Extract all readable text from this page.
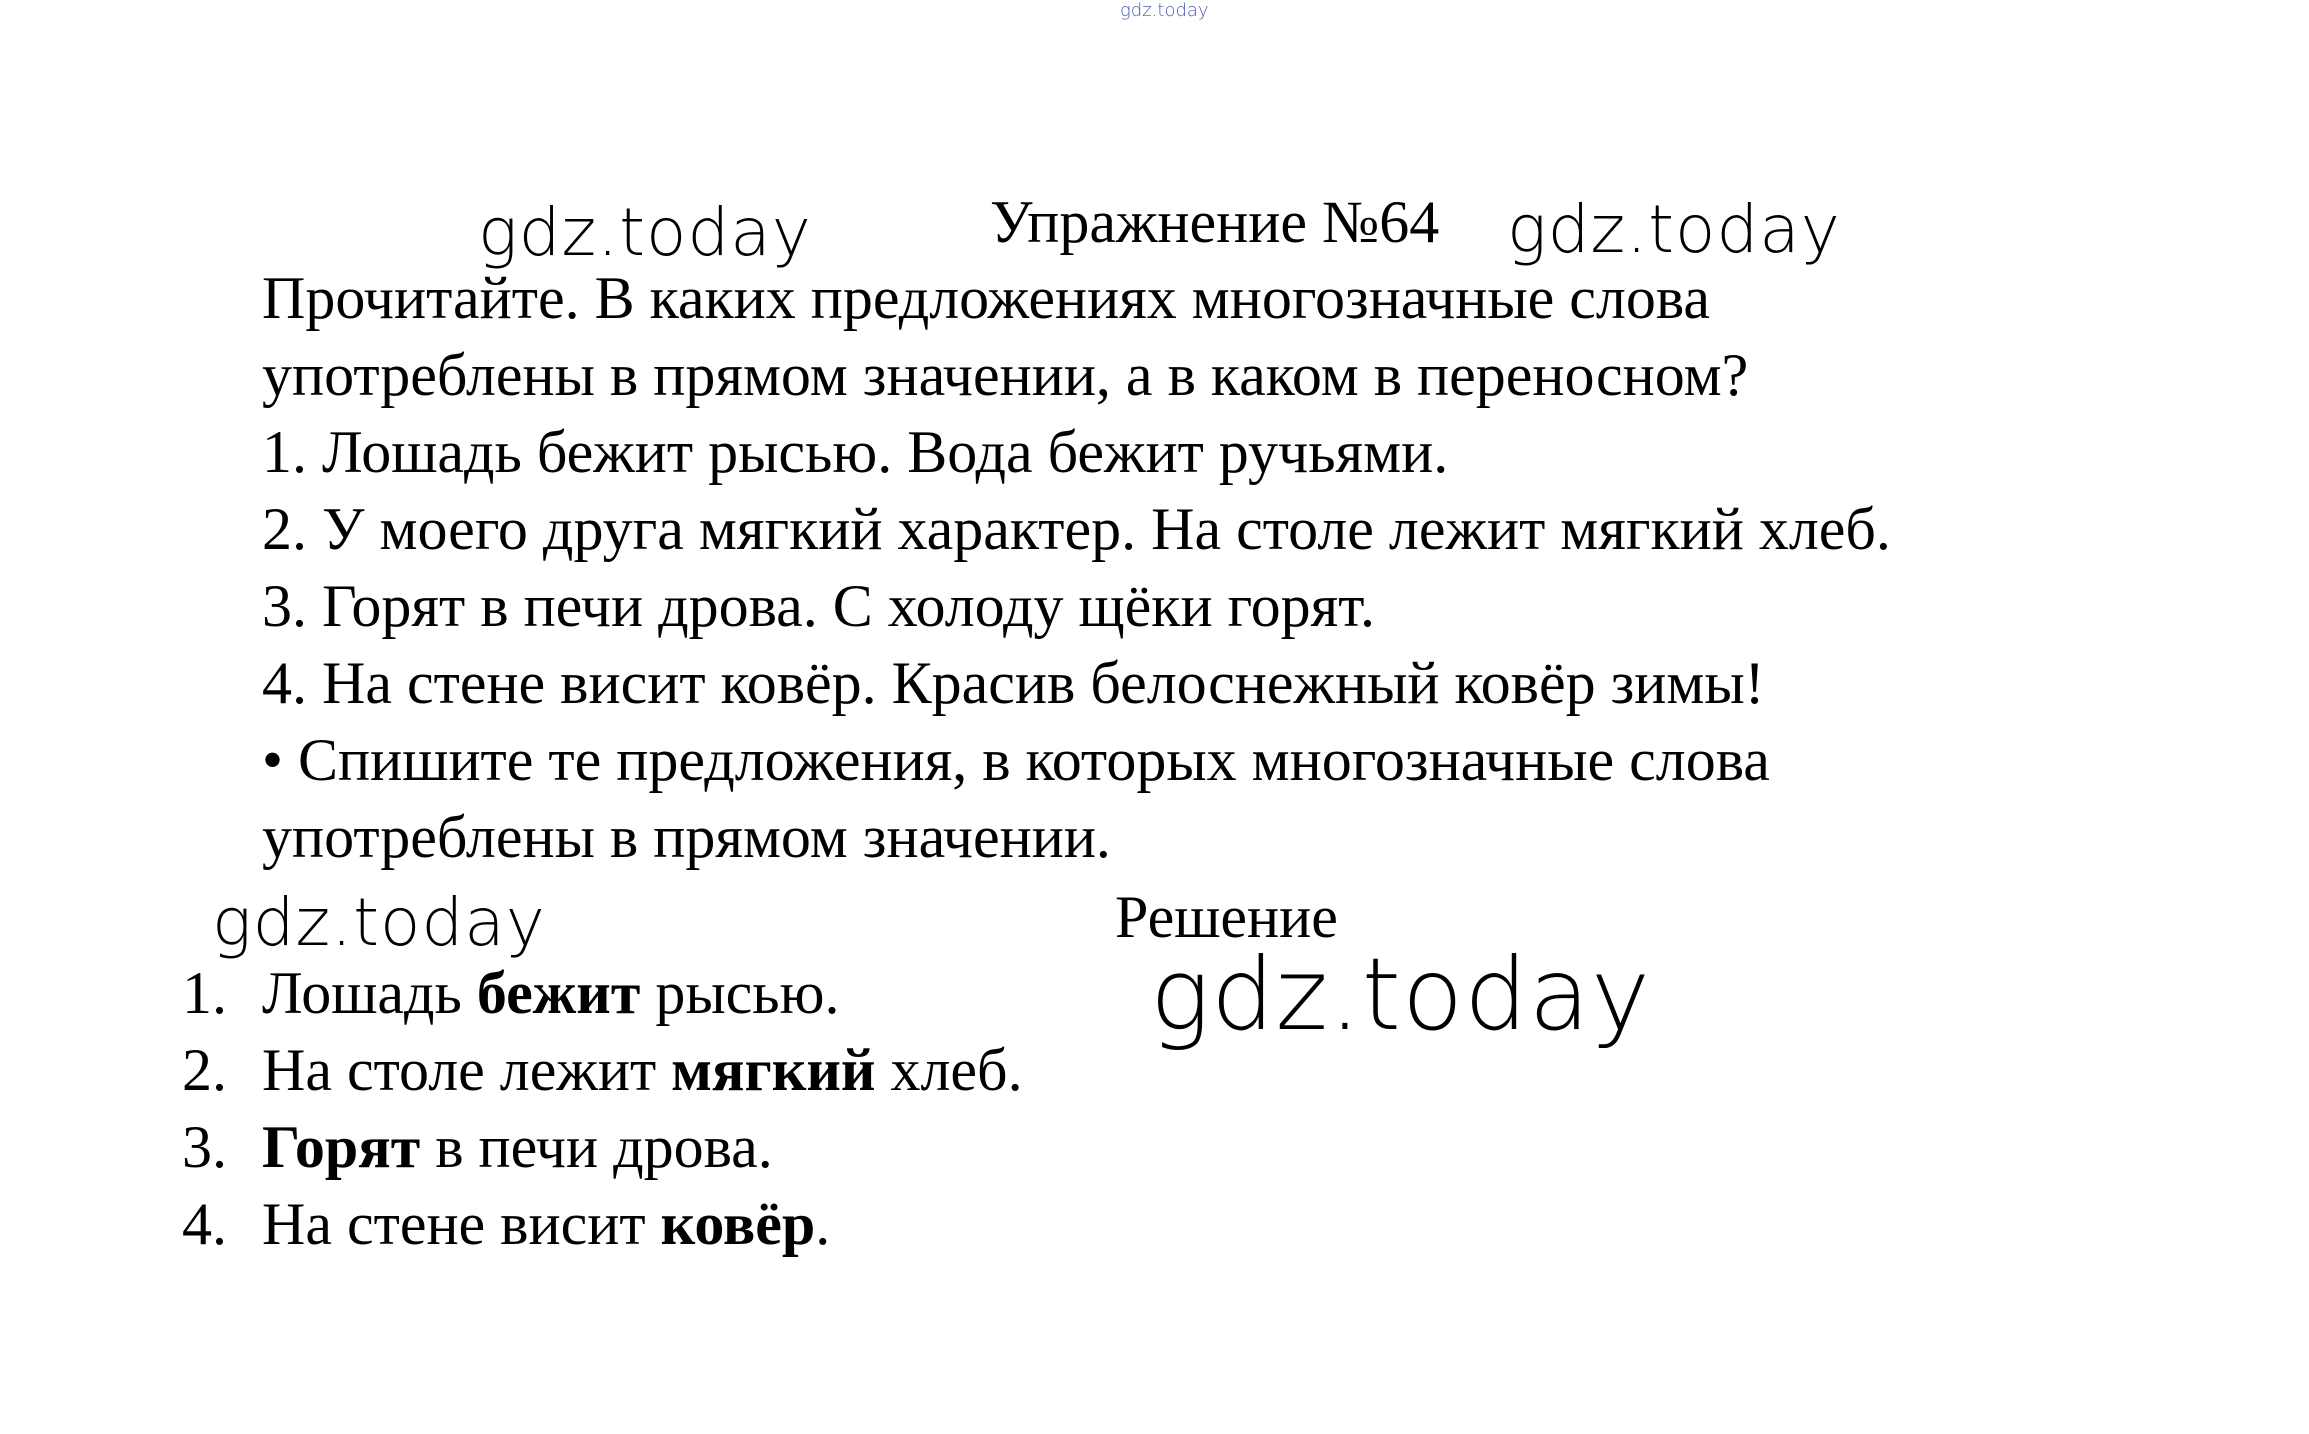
gdz.today
gdz.today	gdz.today
gdz.today
gdz.today
Упражнение №64

Прочитайте. В каких предложениях многозначные слова

употреблены в прямом значении, а в каком в переносном?

1. Лошадь бежит рысью. Вода бежит ручьями.

2. У моего друга мягкий характер. На столе лежит мягкий хлеб.

3. Горят в печи дрова. С холоду щёки горят.

4. На стене висит ковёр. Красив белоснежный ковёр зимы!

• Спишите те предложения, в которых многозначные слова

употреблены в прямом значении.

Решение
1. Лошадь бежит рысью.
2. На столе лежит мягкий хлеб.
3. Горят в печи дрова.
4. На стене висит ковёр.
